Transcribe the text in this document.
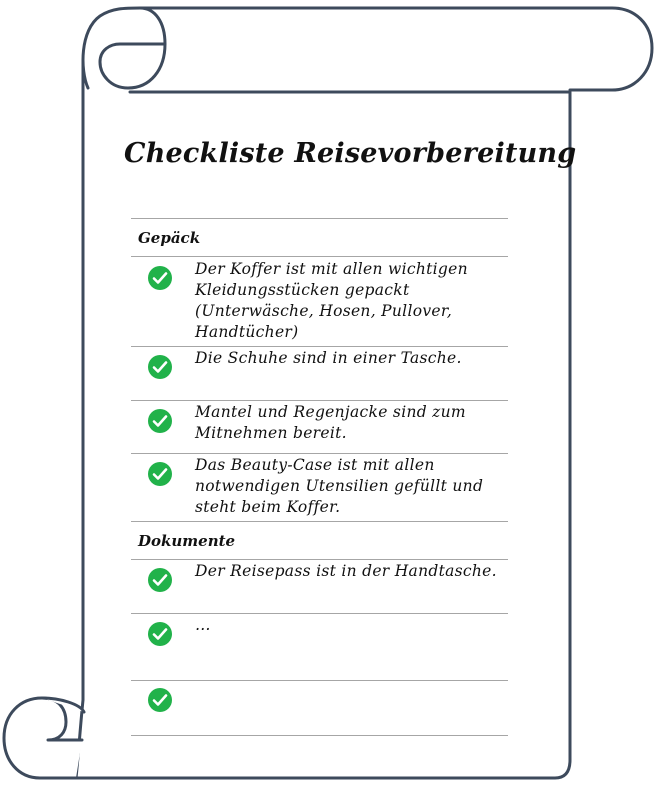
Checkliste Reisevorbereitung
Gepäck
Der Koffer ist mit allen wichtigen Kleidungsstücken gepackt (Unterwäsche, Hosen, Pullover, Handtücher)
Die Schuhe sind in einer Tasche.
Mantel und Regenjacke sind zum Mitnehmen bereit.
Das Beauty-Case ist mit allen notwendigen Utensilien gefüllt und steht beim Koffer.
Dokumente
Der Reisepass ist in der Handtasche.
…
